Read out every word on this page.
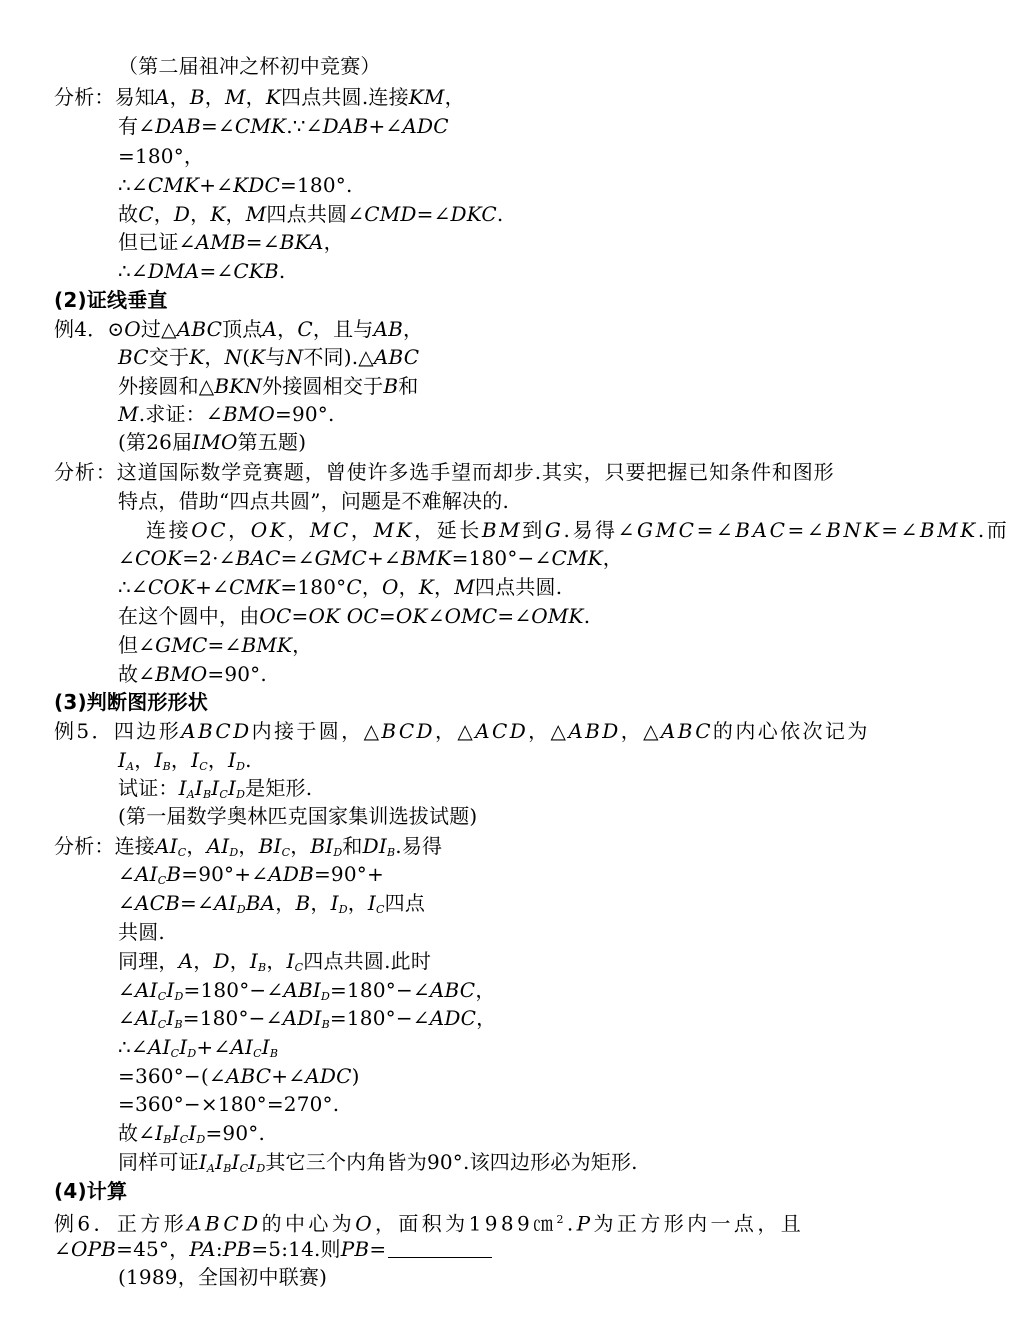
（第二届祖冲之杯初中竞赛）
分析：易知A，B，M，K四点共圆.连接KM，
有∠DAB=∠CMK.∵∠DAB+∠ADC
=180°，
∴∠CMK+∠KDC=180°.
故C，D，K，M四点共圆∠CMD=∠DKC.
但已证∠AMB=∠BKA，
∴∠DMA=∠CKB.
(2)证线垂直
例4．⊙O过△ABC顶点A，C，且与AB，
BC交于K，N(K与N不同).△ABC
外接圆和△BKN外接圆相交于B和
M.求证：∠BMO=90°.
(第26届IMO第五题)
分析：这道国际数学竞赛题，曾使许多选手望而却步.其实，只要把握已知条件和图形
特点，借助“四点共圆”，问题是不难解决的.
连接OC，OK，MC，MK，延长BM到G.易得∠GMC=∠BAC=∠BNK=∠BMK.而
∠COK=2·∠BAC=∠GMC+∠BMK=180°−∠CMK，
∴∠COK+∠CMK=180°C，O，K，M四点共圆.
在这个圆中，由OC=OK OC=OK∠OMC=∠OMK.
但∠GMC=∠BMK，
故∠BMO=90°.
(3)判断图形形状
例5．四边形ABCD内接于圆，△BCD，△ACD，△ABD，△ABC的内心依次记为
$I_A$，$I_B$，$I_C$，$I_D$.
试证：$I_AI_BI_CI_D$是矩形.
(第一届数学奥林匹克国家集训选拔试题)
分析：连接$AI_C$，$AI_D$，$BI_C$，$BI_D$和$DI_B$.易得
$\angle AI_CB=90^\circ+\angle ADB=90^\circ+$
$\angle ACB=\angle AI_DBA$，B，$I_D$，$I_C$四点
共圆.
同理，A，D，$I_B$，$I_C$四点共圆.此时
$\angle AI_CI_D=180^\circ-\angle ABI_D=180^\circ-\angle ABC$，
$\angle AI_CI_B=180^\circ-\angle ADI_B=180^\circ-\angle ADC$，
$\therefore\angle AI_CI_D+\angle AI_CI_B$
=360°−(∠ABC+∠ADC)
=360°−×180°=270°.
故$\angle I_BI_CI_D=90^\circ$.
同样可证$I_AI_BI_CI_D$其它三个内角皆为90°.该四边形必为矩形.
(4)计算
例6．正方形ABCD的中心为O，面积为1989㎝$^2$.P为正方形内一点，且
∠OPB=45°，PA:PB=5:14.则PB=
(1989，全国初中联赛)
